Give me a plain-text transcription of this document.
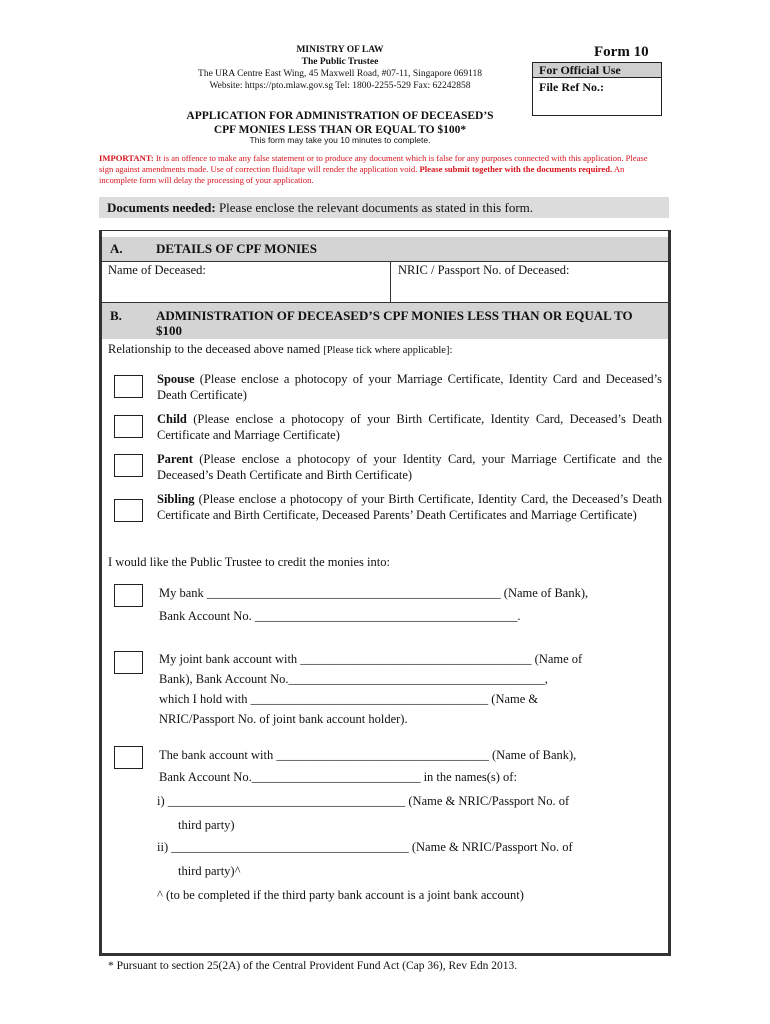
MINISTRY OF LAW
The Public Trustee
The URA Centre East Wing, 45 Maxwell Road, #07-11, Singapore 069118
Website: https://pto.mlaw.gov.sg Tel: 1800-2255-529 Fax: 62242858
Form 10
For Official Use
File Ref No.:
APPLICATION FOR ADMINISTRATION OF DECEASED’S
CPF MONIES LESS THAN OR EQUAL TO $100*
This form may take you 10 minutes to complete.
IMPORTANT: It is an offence to make any false statement or to produce any document which is false for any purposes connected with this application. Please sign against amendments made. Use of correction fluid/tape will render the application void. Please submit together with the documents required. An incomplete form will delay the processing of your application.
Documents needed: Please enclose the relevant documents as stated in this form.
A.	DETAILS OF CPF MONIES
Name of Deceased:	NRIC / Passport No. of Deceased:
B.	ADMINISTRATION OF DECEASED’S CPF MONIES LESS THAN OR EQUAL TO $100
Relationship to the deceased above named [Please tick where applicable]:
Spouse (Please enclose a photocopy of your Marriage Certificate, Identity Card and Deceased’s Death Certificate)
Child (Please enclose a photocopy of your Birth Certificate, Identity Card, Deceased’s Death Certificate and Marriage Certificate)
Parent (Please enclose a photocopy of your Identity Card, your Marriage Certificate and the Deceased’s Death Certificate and Birth Certificate)
Sibling (Please enclose a photocopy of your Birth Certificate, Identity Card, the Deceased’s Death Certificate and Birth Certificate, Deceased Parents’ Death Certificates and Marriage Certificate)
I would like the Public Trustee to credit the monies into:
My bank _______________________________________________ (Name of Bank),
Bank Account No. __________________________________________.
My joint bank account with _____________________________________ (Name of
Bank), Bank Account No._________________________________________,
which I hold with ______________________________________ (Name &
NRIC/Passport No. of joint bank account holder).
The bank account with __________________________________ (Name of Bank),
Bank Account No.___________________________ in the names(s) of:
i) ______________________________________ (Name & NRIC/Passport No. of
third party)
ii) ______________________________________ (Name & NRIC/Passport No. of
third party)^
^ (to be completed if the third party bank account is a joint bank account)
* Pursuant to section 25(2A) of the Central Provident Fund Act (Cap 36), Rev Edn 2013.
